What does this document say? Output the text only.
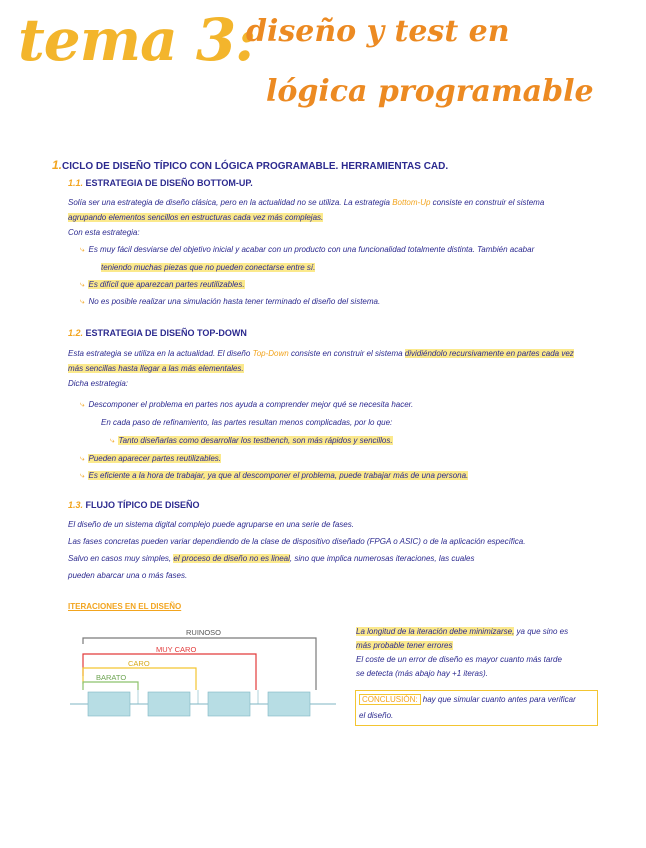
tema 3:
diseño y test en
lógica programable
1.CICLO DE DISEÑO TÍPICO CON LÓGICA PROGRAMABLE. HERRAMIENTAS CAD.
1.1. ESTRATEGIA DE DISEÑO BOTTOM-UP.
Solía ser una estrategia de diseño clásica, pero en la actualidad no se utiliza. La estrategia Bottom-Up consiste en construir el sistema
agrupando elementos sencillos en estructuras cada vez más complejas.
Con esta estrategia:
⤷ Es muy fácil desviarse del objetivo inicial y acabar con un producto con una funcionalidad totalmente distinta. También acabar
teniendo muchas piezas que no pueden conectarse entre sí.
⤷ Es difícil que aparezcan partes reutilizables.
⤷ No es posible realizar una simulación hasta tener terminado el diseño del sistema.
1.2. ESTRATEGIA DE DISEÑO TOP-DOWN
Esta estrategia se utiliza en la actualidad. El diseño Top-Down consiste en construir el sistema dividiéndolo recursivamente en partes cada vez
más sencillas hasta llegar a las más elementales.
Dicha estrategia:
⤷ Descomponer el problema en partes nos ayuda a comprender mejor qué se necesita hacer.
En cada paso de refinamiento, las partes resultan menos complicadas, por lo que:
⤷ Tanto diseñarlas como desarrollar los testbench, son más rápidos y sencillos.
⤷ Pueden aparecer partes reutilizables.
⤷ Es eficiente a la hora de trabajar, ya que al descomponer el problema, puede trabajar más de una persona.
1.3. FLUJO TÍPICO DE DISEÑO
El diseño de un sistema digital complejo puede agruparse en una serie de fases.
Las fases concretas pueden variar dependiendo de la clase de dispositivo diseñado (FPGA o ASIC) o de la aplicación específica.
Salvo en casos muy simples, el proceso de diseño no es lineal, sino que implica numerosas iteraciones, las cuales
pueden abarcar una o más fases.
ITERACIONES EN EL DISEÑO
RUINOSO
MUY CARO
CARO
BARATO
La longitud de la iteración debe minimizarse, ya que sino es
más probable tener errores
El coste de un error de diseño es mayor cuanto más tarde
se detecta (más abajo hay +1 iteras).
CONCLUSIÓN: hay que simular cuanto antes para verificar
el diseño.
